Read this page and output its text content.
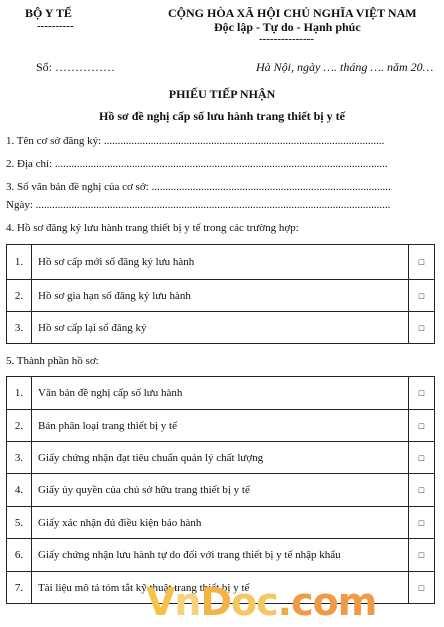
BỘ Y TẾ
----------
CỘNG HÒA XÃ HỘI CHỦ NGHĨA VIỆT NAM
Độc lập - Tự do - Hạnh phúc
---------------
Số: ……………	Hà Nội, ngày …. tháng …. năm 20…
PHIẾU TIẾP NHẬN
Hồ sơ đề nghị cấp số lưu hành trang thiết bị y tế
1. Tên cơ sở đăng ký: ......................................................................................................
2. Địa chỉ: .........................................................................................................................
3. Số văn bản đề nghị của cơ sở: .......................................................................................
Ngày: .................................................................................................................................
4. Hồ sơ đăng ký lưu hành trang thiết bị y tế trong các trường hợp:
1.	Hồ sơ cấp mới số đăng ký lưu hành	□
2.	Hồ sơ gia hạn số đăng ký lưu hành	□
3.	Hồ sơ cấp lại số đăng ký	□
5. Thành phần hồ sơ:
1.	Văn bản đề nghị cấp số lưu hành	□
2.	Bản phân loại trang thiết bị y tế	□
3.	Giấy chứng nhận đạt tiêu chuẩn quản lý chất lượng	□
4.	Giấy ủy quyền của chủ sở hữu trang thiết bị y tế	□
5.	Giấy xác nhận đủ điều kiện bảo hành	□
6.	Giấy chứng nhận lưu hành tự do đối với trang thiết bị y tế nhập khẩu	□
7.	Tài liệu mô tả tóm tắt kỹ thuật trang thiết bị y tế	□
VnDoc.com
